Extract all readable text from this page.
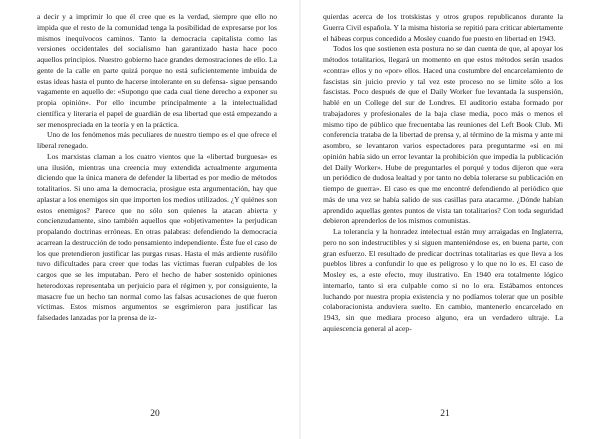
a decir y a imprimir lo que él cree que es la verdad, siempre que ello no impida que el resto de la comunidad tenga la posibilidad de expresarse por los mismos inequívocos caminos. Tanto la democracia capitalista como las versiones occidentales del socialismo han garantizado hasta hace poco aquellos principios. Nuestro gobierno hace grandes demostraciones de ello. La gente de la calle en parte quizá porque no está suficientemente imbuida de estas ideas hasta el punto de hacerse intolerante en su defensa- sigue pensando vagamente en aquello de: «Supongo que cada cual tiene derecho a exponer su propia opinión». Por ello incumbe principalmente a la intelectualidad científica y literaria el papel de guardián de esa libertad que está empezando a ser menospreciada en la teoría y en la práctica.

Uno de los fenómenos más peculiares de nuestro tiempo es el que ofrece el liberal renegado.

Los marxistas claman a los cuatro vientos que la «libertad burguesa» es una ilusión, mientras una creencia muy extendida actualmente argumenta diciendo que la única manera de defender la libertad es por medio de métodos totalitarios. Si uno ama la democracia, prosigue esta argumentación, hay que aplastar a los enemigos sin que importen los medios utilizados. ¿Y quiénes son estos enemigos? Parece que no sólo son quienes la atacan abierta y concienzudamente, sino también aquellos que «objetivamente» la perjudican propalando doctrinas erróneas. En otras palabras: defendiendo la democracia acarrean la destrucción de todo pensamiento independiente. Éste fue el caso de los que pretendieron justificar las purgas rusas. Hasta el más ardiente rusófilo tuvo dificultades para creer que todas las víctimas fueran culpables de los cargos que se les imputaban. Pero el hecho de haber sostenido opiniones heterodoxas representaba un perjuicio para el régimen y, por consiguiente, la masacre fue un hecho tan normal como las falsas acusaciones de que fueron víctimas. Estos mismos argumentos se esgrimieron para justificar las falsedades lanzadas por la prensa de iz-

20

quierdas acerca de los trotskistas y otros grupos republicanos durante la Guerra Civil española. Y la misma historia se repitió para criticar abiertamente el hábeas corpus concedido a Mosley cuando fue puesto en libertad en 1943.

Todos los que sostienen esta postura no se dan cuenta de que, al apoyar los métodos totalitarios, llegará un momento en que estos métodos serán usados «contra» ellos y no «por» ellos. Haced una costumbre del encarcelamiento de fascistas sin juicio previo y tal vez este proceso no se limite sólo a los fascistas. Poco después de que el Daily Worker fue levantada la suspensión, hablé en un College del sur de Londres. El auditorio estaba formado por trabajadores y profesionales de la baja clase media, poco más o menos el mismo tipo de público que frecuentaba las reuniones del Left Book Club. Mi conferencia trataba de la libertad de prensa y, al término de la misma y ante mi asombro, se levantaron varios espectadores para preguntarme «si en mi opinión había sido un error levantar la prohibición que impedía la publicación del Daily Worker». Hube de preguntarles el porqué y todos dijeron que «era un periódico de dudosa lealtad y por tanto no debía tolerarse su publicación en tiempo de guerra». El caso es que me encontré defendiendo al periódico que más de una vez se había salido de sus casillas para atacarme. ¿Dónde habían aprendido aquellas gentes puntos de vista tan totalitarios? Con toda seguridad debieron aprenderlos de los mismos comunistas.

La tolerancia y la honradez intelectual están muy arraigadas en Inglaterra, pero no son indestructibles y si siguen manteniéndose es, en buena parte, con gran esfuerzo. El resultado de predicar doctrinas totalitarias es que lleva a los pueblos libres a confundir lo que es peligroso y lo que no lo es. El caso de Mosley es, a este efecto, muy ilustrativo. En 1940 era totalmente lógico internarlo, tanto si era culpable como si no lo era. Estábamos entonces luchando por nuestra propia existencia y no podíamos tolerar que un posible colaboracionista anduviera suelto. En cambio, mantenerlo encarcelado en 1943, sin que mediara proceso alguno, era un verdadero ultraje. La aquiescencia general al acep-

21
